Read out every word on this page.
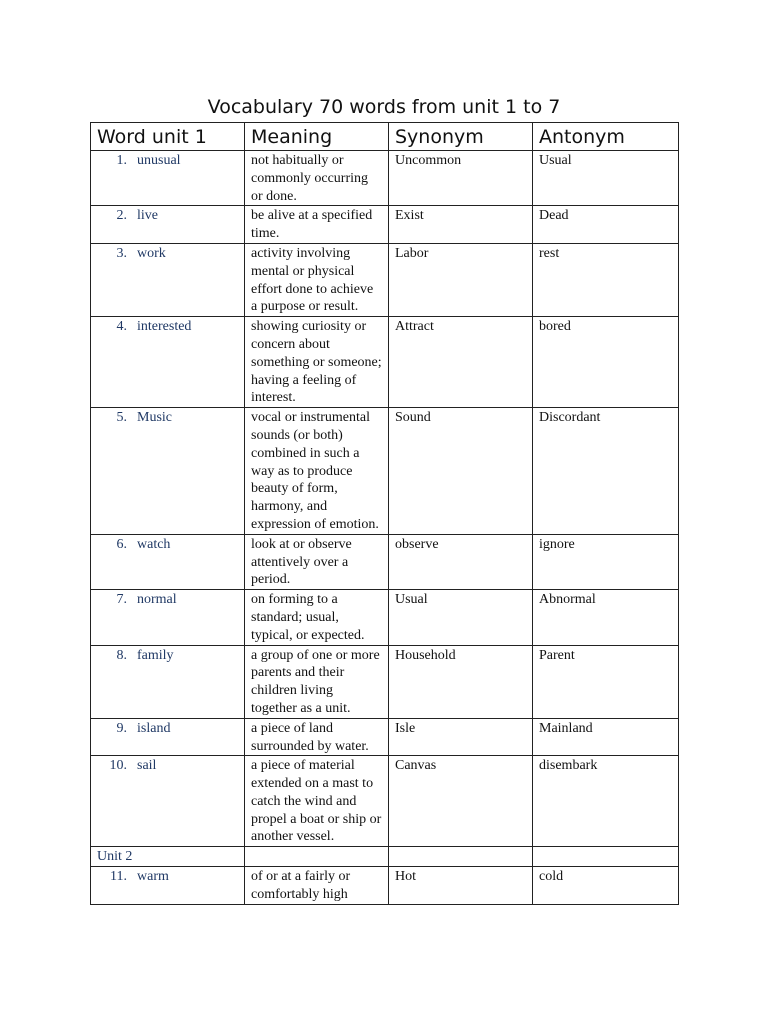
Vocabulary 70 words from unit 1 to 7
Word unit 1	Meaning	Synonym	Antonym
1. unusual	not habitually or commonly occurring or done.	Uncommon	Usual
2. live	be alive at a specified time.	Exist	Dead
3. work	activity involving mental or physical effort done to achieve a purpose or result.	Labor	rest
4. interested	showing curiosity or concern about something or someone; having a feeling of interest.	Attract	bored
5. Music	vocal or instrumental sounds (or both) combined in such a way as to produce beauty of form, harmony, and expression of emotion.	Sound	Discordant
6. watch	look at or observe attentively over a period.	observe	ignore
7. normal	on forming to a standard; usual, typical, or expected.	Usual	Abnormal
8. family	a group of one or more parents and their children living together as a unit.	Household	Parent
9. island	a piece of land surrounded by water.	Isle	Mainland
10. sail	a piece of material extended on a mast to catch the wind and propel a boat or ship or another vessel.	Canvas	disembark
Unit 2			
11. warm	of or at a fairly or comfortably high	Hot	cold
